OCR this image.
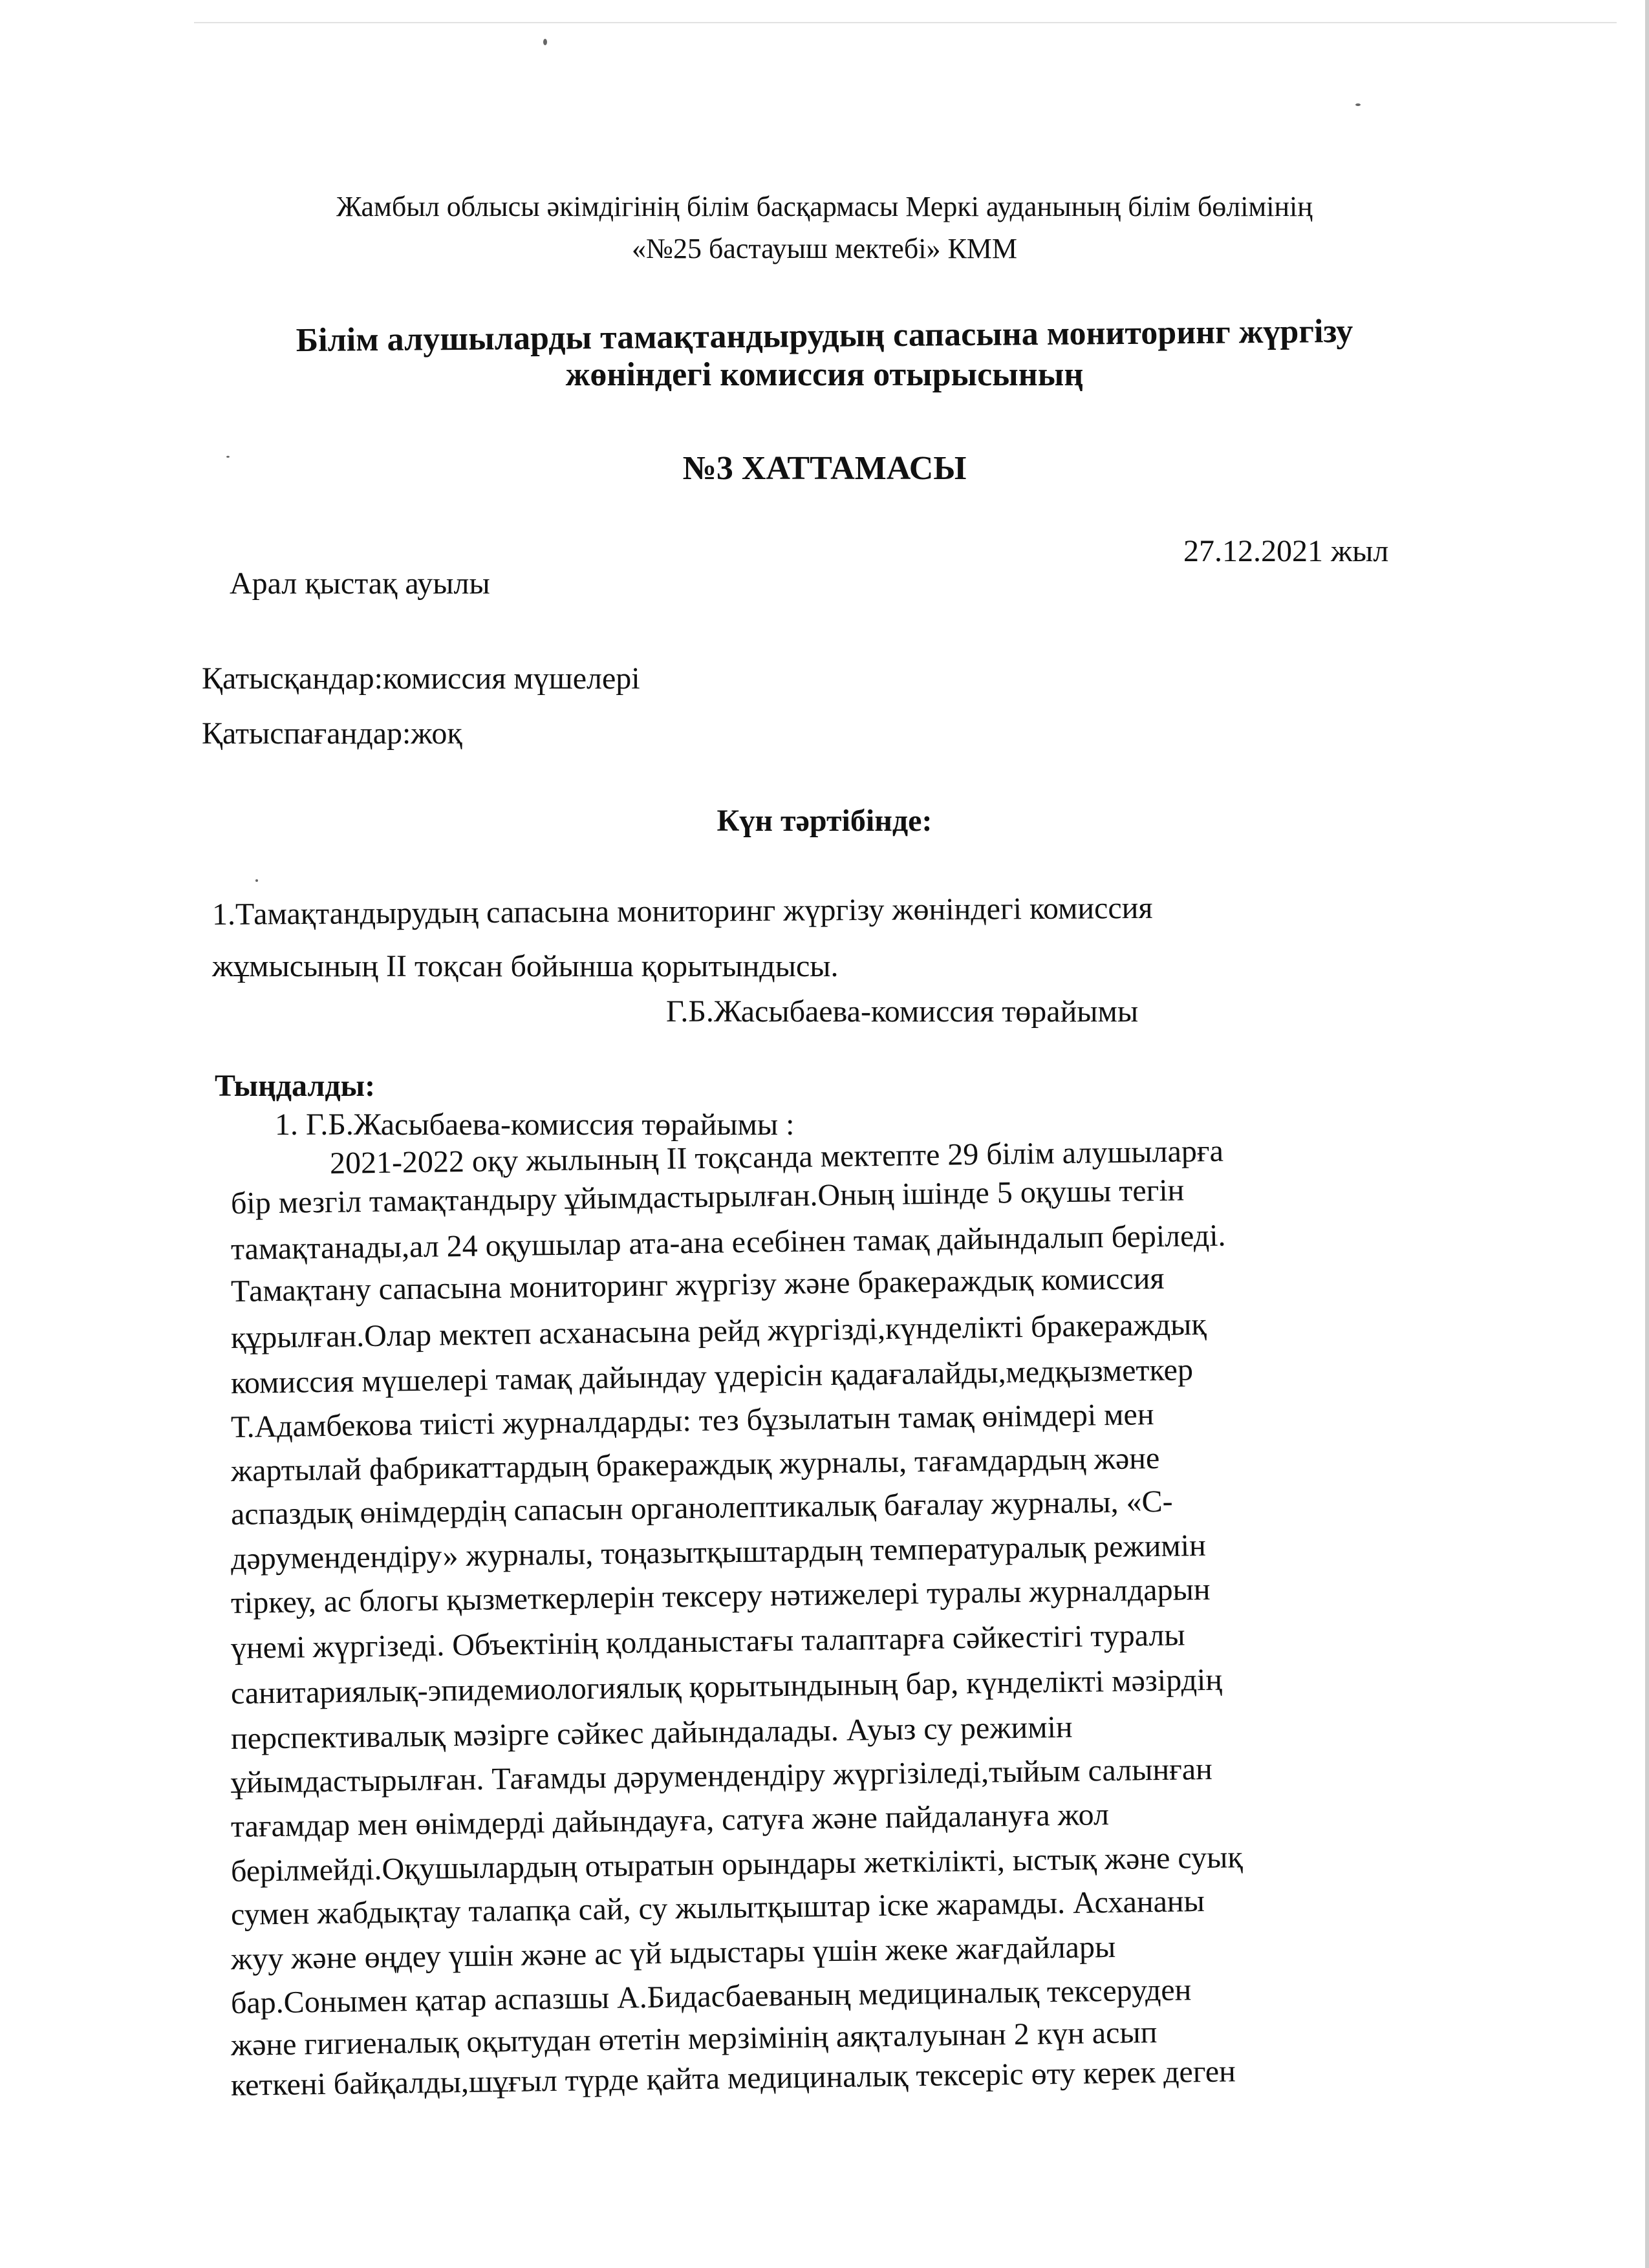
Жамбыл облысы әкімдігінің білім басқармасы Меркі ауданының білім бөлімінің
«№25 бастауыш мектебі» КММ
Білім алушыларды тамақтандырудың сапасына мониторинг жүргізу
жөніндегі комиссия отырысының
№3 ХАТТАМАСЫ
27.12.2021 жыл
Арал қыстақ ауылы
Қатысқандар:комиссия мүшелері
Қатыспағандар:жоқ
Күн тәртібінде:
1.Тамақтандырудың сапасына мониторинг жүргізу жөніндегі комиссия
жұмысының ІІ тоқсан бойынша қорытындысы.
Г.Б.Жасыбаева-комиссия төрайымы
Тыңдалды:
1. Г.Б.Жасыбаева-комиссия төрайымы :
2021-2022 оқу жылының ІІ тоқсанда мектепте 29 білім алушыларға
бір мезгіл тамақтандыру ұйымдастырылған.Оның ішінде 5 оқушы тегін
тамақтанады,ал 24 оқушылар ата-ана есебінен тамақ дайындалып беріледі.
Тамақтану сапасына мониторинг жүргізу және бракераждық комиссия
құрылған.Олар мектеп асханасына рейд жүргізді,күнделікті бракераждық
комиссия мүшелері тамақ дайындау үдерісін қадағалайды,медқызметкер
Т.Адамбекова тиісті журналдарды: тез бұзылатын тамақ өнімдері мен
жартылай фабрикаттардың бракераждық журналы, тағамдардың және
аспаздық өнімдердің сапасын органолептикалық бағалау журналы, «С-
дәрумендендіру» журналы, тоңазытқыштардың температуралық режимін
тіркеу, ас блогы қызметкерлерін тексеру нәтижелері туралы журналдарын
үнемі жүргізеді. Объектінің қолданыстағы талаптарға сәйкестігі туралы
санитариялық-эпидемиологиялық қорытындының бар, күнделікті мәзірдің
перспективалық мәзірге сәйкес дайындалады. Ауыз су режимін
ұйымдастырылған. Тағамды дәрумендендіру жүргізіледі,тыйым салынған
тағамдар мен өнімдерді дайындауға, сатуға және пайдалануға жол
берілмейді.Оқушылардың отыратын орындары жеткілікті, ыстық және суық
сумен жабдықтау талапқа сай, су жылытқыштар іске жарамды. Асхананы
жуу және өңдеу үшін және ас үй ыдыстары үшін жеке жағдайлары
бар.Сонымен қатар аспазшы А.Бидасбаеваның медициналық тексеруден
және гигиеналық оқытудан өтетін мерзімінің аяқталуынан 2 күн асып
кеткені байқалды,шұғыл түрде қайта медициналық тексеріс өту керек деген
